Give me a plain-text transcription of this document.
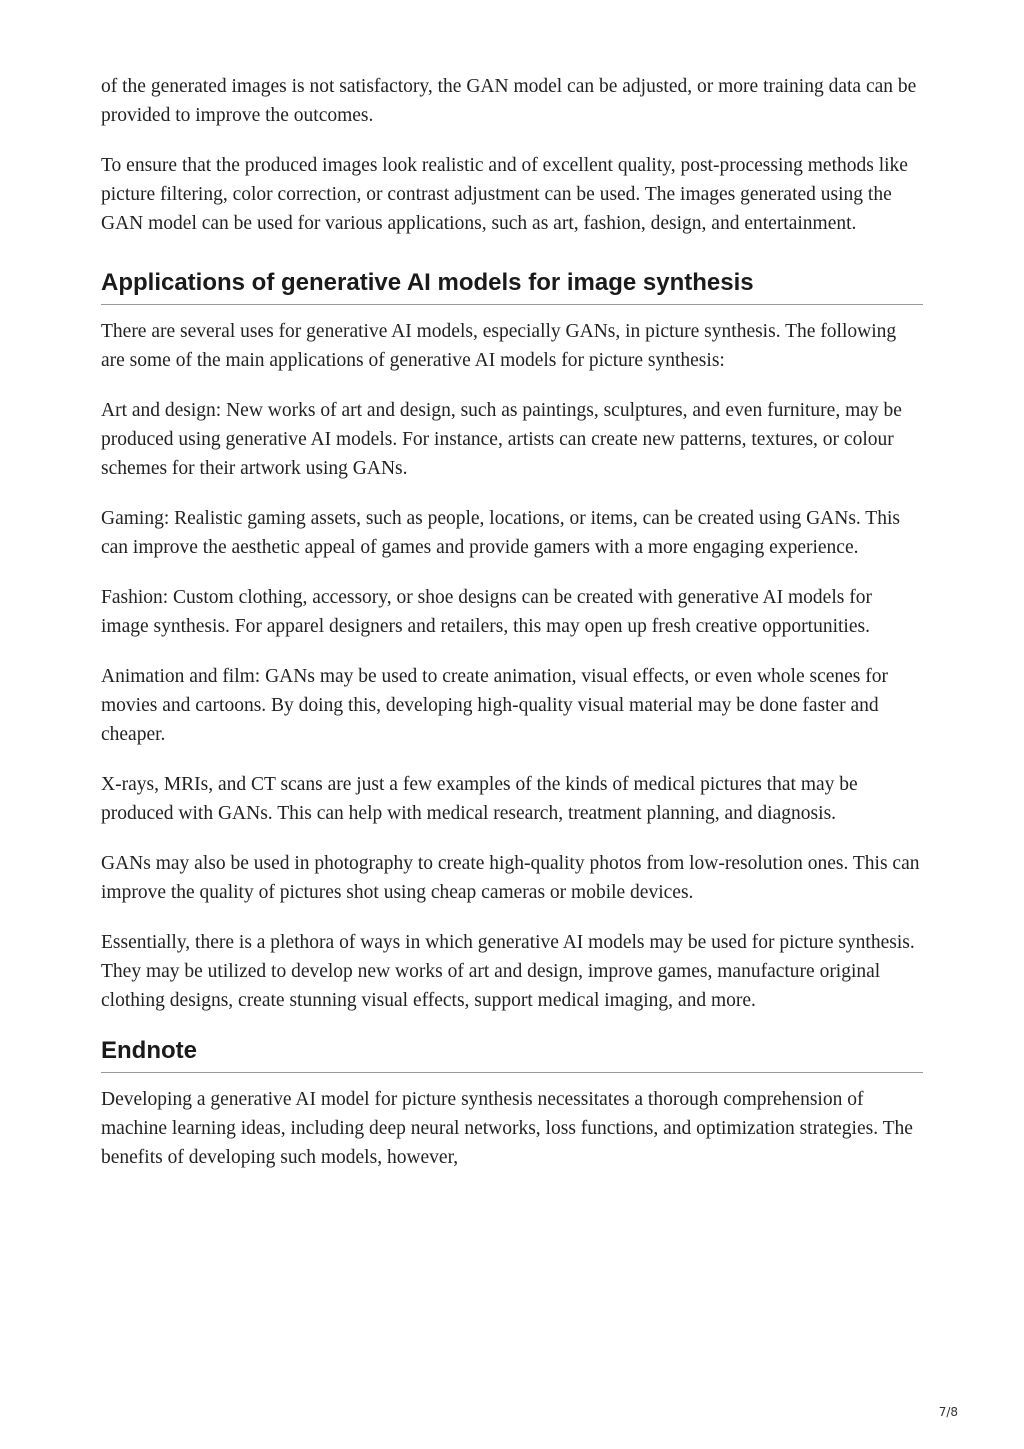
of the generated images is not satisfactory, the GAN model can be adjusted, or more training data can be provided to improve the outcomes.

To ensure that the produced images look realistic and of excellent quality, post-processing methods like picture filtering, color correction, or contrast adjustment can be used. The images generated using the GAN model can be used for various applications, such as art, fashion, design, and entertainment.

Applications of generative AI models for image synthesis

There are several uses for generative AI models, especially GANs, in picture synthesis. The following are some of the main applications of generative AI models for picture synthesis:

Art and design: New works of art and design, such as paintings, sculptures, and even furniture, may be produced using generative AI models. For instance, artists can create new patterns, textures, or colour schemes for their artwork using GANs.

Gaming: Realistic gaming assets, such as people, locations, or items, can be created using GANs. This can improve the aesthetic appeal of games and provide gamers with a more engaging experience.

Fashion: Custom clothing, accessory, or shoe designs can be created with generative AI models for image synthesis. For apparel designers and retailers, this may open up fresh creative opportunities.

Animation and film: GANs may be used to create animation, visual effects, or even whole scenes for movies and cartoons. By doing this, developing high-quality visual material may be done faster and cheaper.

X-rays, MRIs, and CT scans are just a few examples of the kinds of medical pictures that may be produced with GANs. This can help with medical research, treatment planning, and diagnosis.

GANs may also be used in photography to create high-quality photos from low-resolution ones. This can improve the quality of pictures shot using cheap cameras or mobile devices.

Essentially, there is a plethora of ways in which generative AI models may be used for picture synthesis. They may be utilized to develop new works of art and design, improve games, manufacture original clothing designs, create stunning visual effects, support medical imaging, and more.

Endnote

Developing a generative AI model for picture synthesis necessitates a thorough comprehension of machine learning ideas, including deep neural networks, loss functions, and optimization strategies. The benefits of developing such models, however,

7/8
